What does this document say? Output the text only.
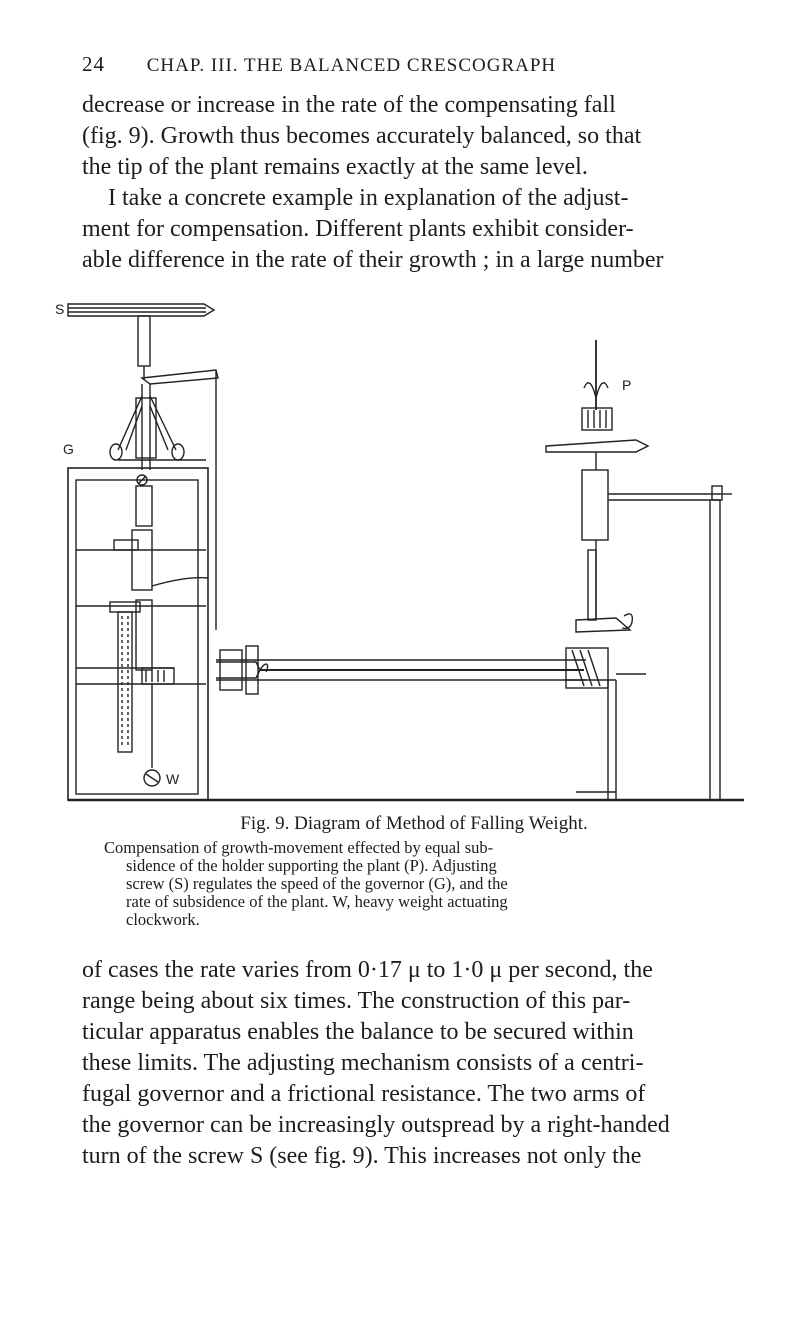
24 CHAP. III. THE BALANCED CRESCOGRAPH
decrease or increase in the rate of the compensating fall
(fig. 9). Growth thus becomes accurately balanced, so that
the tip of the plant remains exactly at the same level.
I take a concrete example in explanation of the adjust-
ment for compensation. Different plants exhibit consider-
able difference in the rate of their growth ; in a large number
S
G
W
P
Fig. 9. Diagram of Method of Falling Weight.
Compensation of growth-movement effected by equal sub-
sidence of the holder supporting the plant (P). Adjusting
screw (S) regulates the speed of the governor (G), and the
rate of subsidence of the plant. W, heavy weight actuating
clockwork.
of cases the rate varies from 0·17 μ to 1·0 μ per second, the
range being about six times. The construction of this par-
ticular apparatus enables the balance to be secured within
these limits. The adjusting mechanism consists of a centri-
fugal governor and a frictional resistance. The two arms of
the governor can be increasingly outspread by a right-handed
turn of the screw S (see fig. 9). This increases not only the
